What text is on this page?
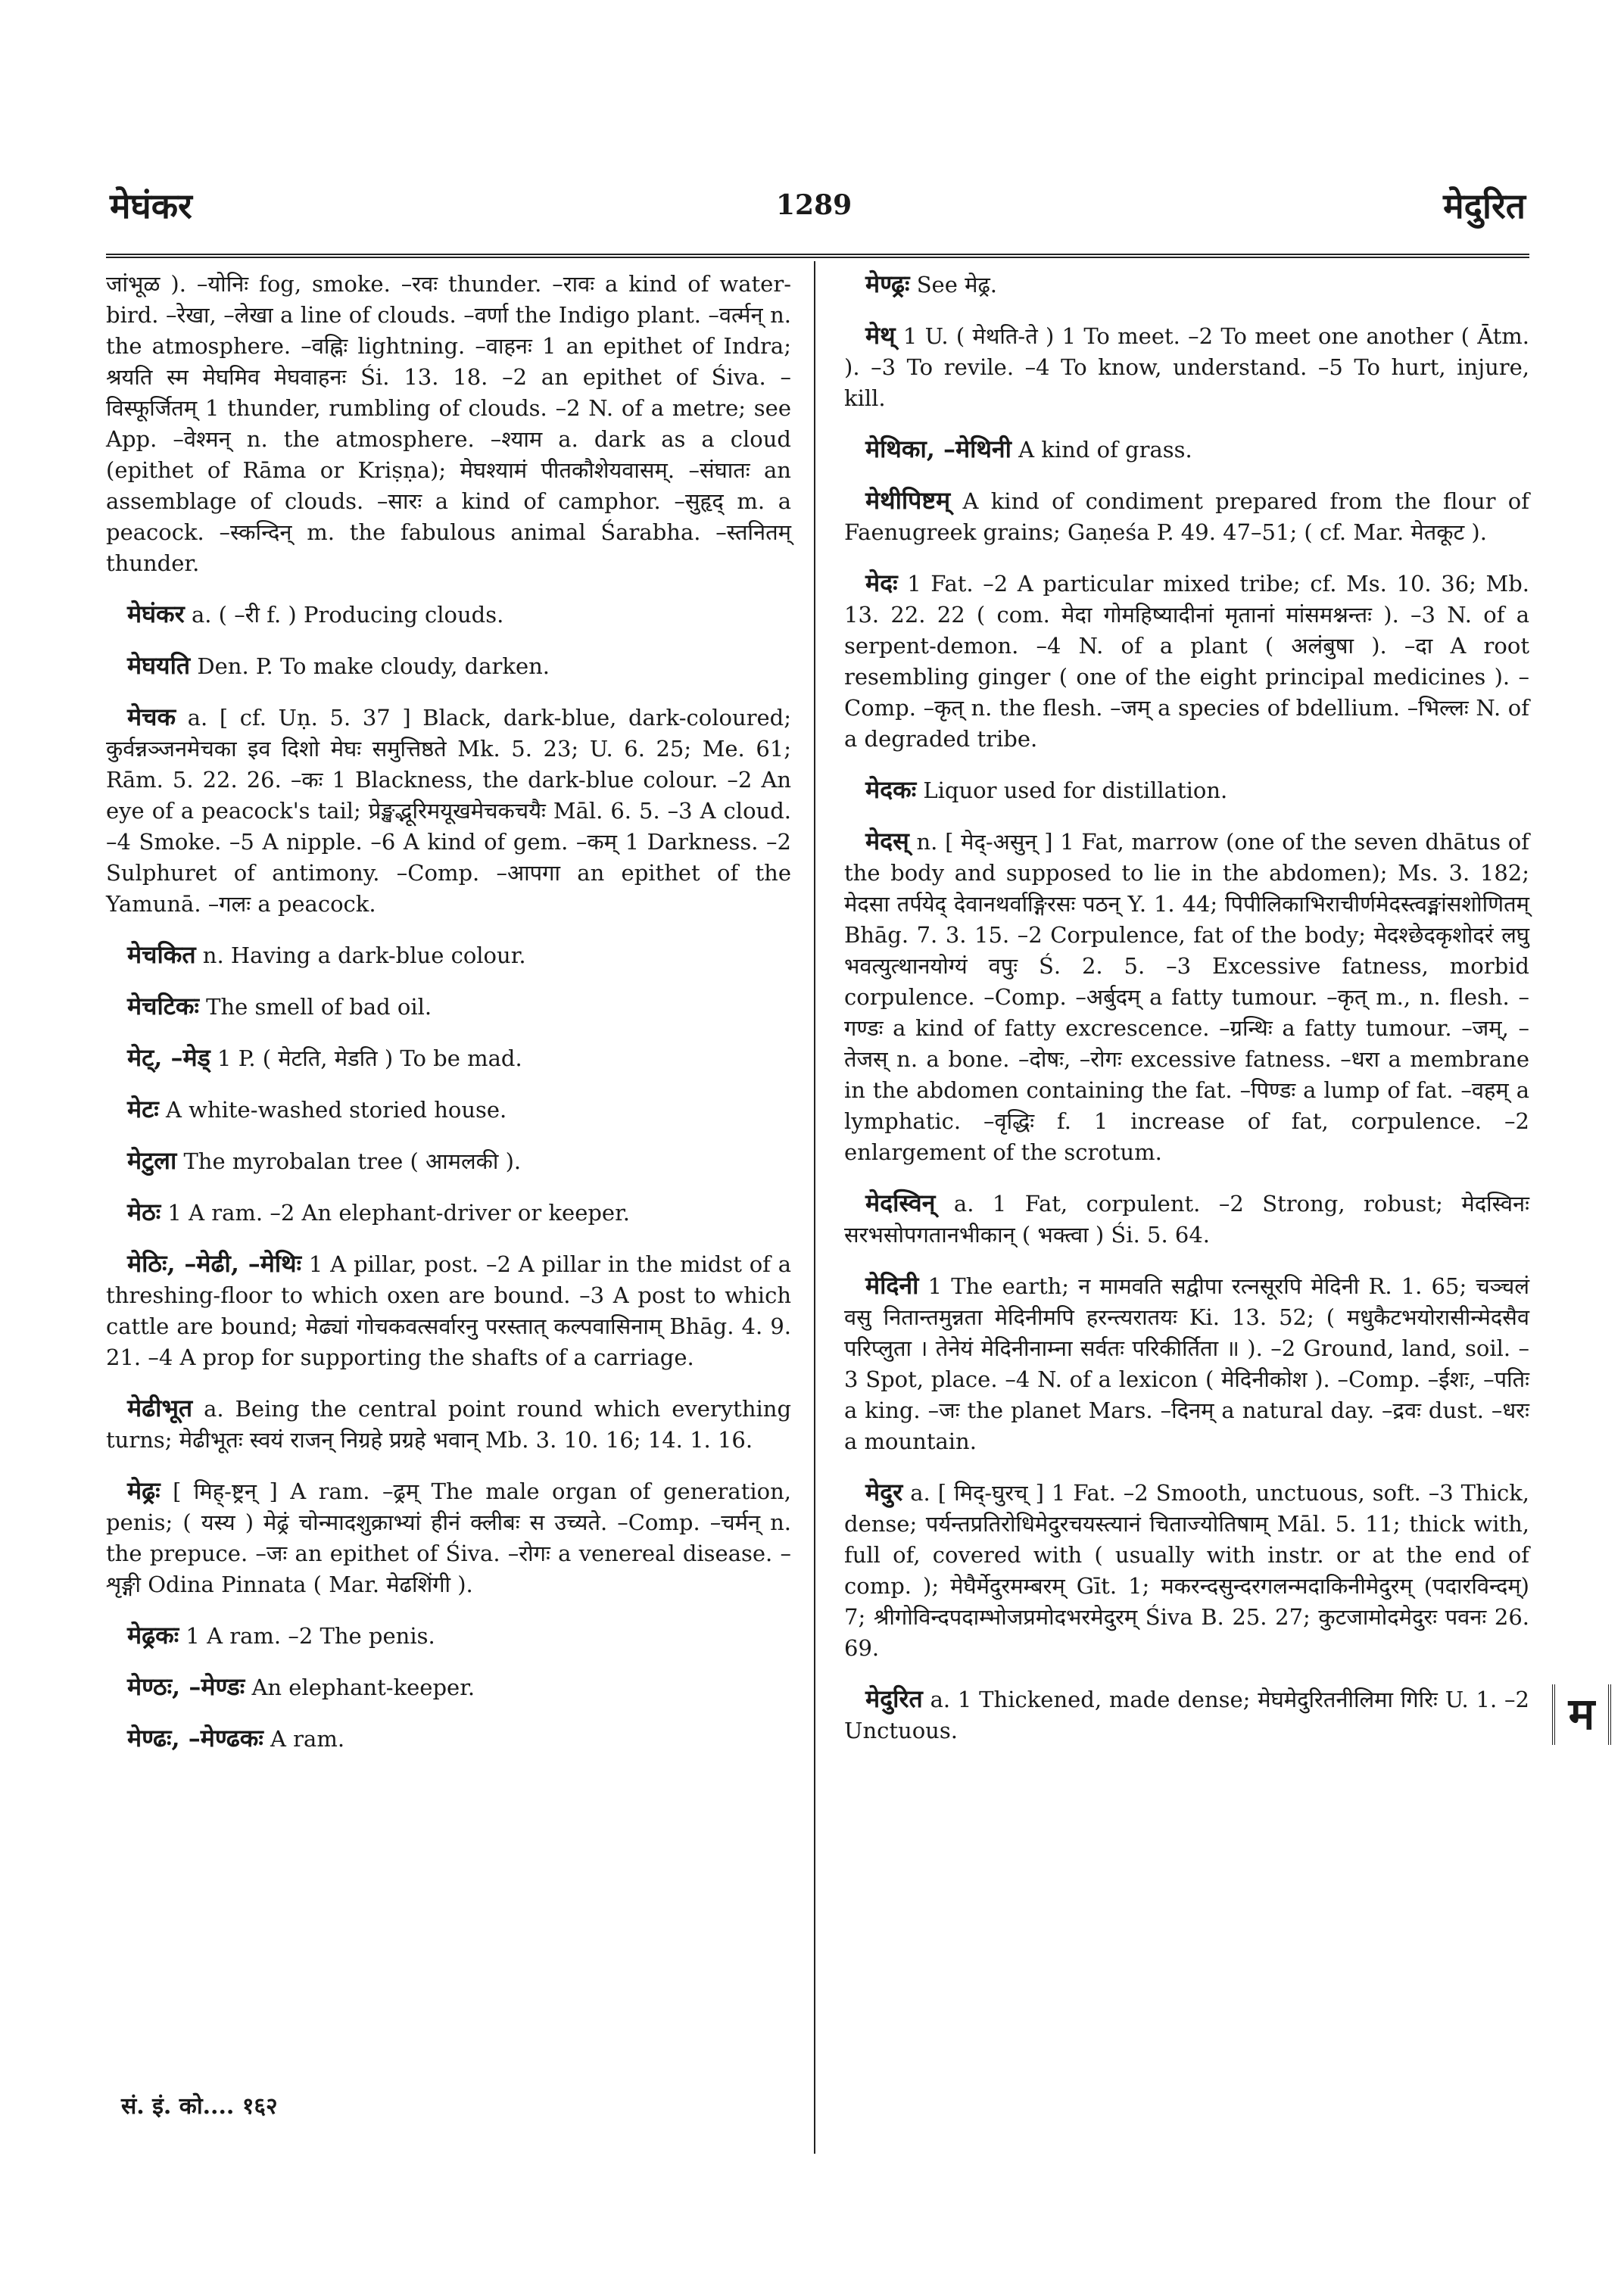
मेघंकर	1289	मेदुरित

जांभूळ ). –योनिः fog, smoke. –रवः thunder. –रावः a kind of water-bird. –रेखा, –लेखा a line of clouds. –वर्णा the Indigo plant. –वर्त्मन् n. the atmosphere. –वह्निः lightning. –वाहनः 1 an epithet of Indra; श्रयति स्म मेघमिव मेघवाहनः Śi. 13. 18. –2 an epithet of Śiva. –विस्फूर्जितम् 1 thunder, rumbling of clouds. –2 N. of a metre; see App. –वेश्मन् n. the atmosphere. –श्याम a. dark as a cloud (epithet of Rāma or Kriṣṇa); मेघश्यामं पीतकौशेयवासम्. –संघातः an assemblage of clouds. –सारः a kind of camphor. –सुहृद् m. a peacock. –स्कन्दिन् m. the fabulous animal Śarabha. –स्तनितम् thunder.

मेघंकर a. ( –री f. ) Producing clouds.

मेघयति Den. P. To make cloudy, darken.

मेचक a. [ cf. Uṇ. 5. 37 ] Black, dark-blue, dark-coloured; कुर्वन्नञ्जनमेचका इव दिशो मेघः समुत्तिष्ठते Mk. 5. 23; U. 6. 25; Me. 61; Rām. 5. 22. 26. –कः 1 Blackness, the dark-blue colour. –2 An eye of a peacock's tail; प्रेङ्खद्भूरिमयूखमेचकचयैः Māl. 6. 5. –3 A cloud. –4 Smoke. –5 A nipple. –6 A kind of gem. –कम् 1 Darkness. –2 Sulphuret of antimony. –Comp. –आपगा an epithet of the Yamunā. –गलः a peacock.

मेचकित n. Having a dark-blue colour.

मेचटिकः The smell of bad oil.

मेट्, –मेड् 1 P. ( मेटति, मेडति ) To be mad.

मेटः A white-washed storied house.

मेटुला The myrobalan tree ( आमलकी ).

मेठः 1 A ram. –2 An elephant-driver or keeper.

मेठिः, –मेढी, –मेथिः 1 A pillar, post. –2 A pillar in the midst of a threshing-floor to which oxen are bound. –3 A post to which cattle are bound; मेढ्यां गोचकवत्सर्वारनु परस्तात् कल्पवासिनाम् Bhāg. 4. 9. 21. –4 A prop for supporting the shafts of a carriage.

मेढीभूत a. Being the central point round which everything turns; मेढीभूतः स्वयं राजन् निग्रहे प्रग्रहे भवान् Mb. 3. 10. 16; 14. 1. 16.

मेढ्रः [ मिह्-ष्ट्रन् ] A ram. –ढ्रम् The male organ of generation, penis; ( यस्य ) मेढ्रं चोन्मादशुक्राभ्यां हीनं क्लीबः स उच्यते. –Comp. –चर्मन् n. the prepuce. –जः an epithet of Śiva. –रोगः a venereal disease. –शृङ्गी Odina Pinnata ( Mar. मेढशिंगी ).

मेढ्रकः 1 A ram. –2 The penis.

मेण्ठः, –मेण्डः An elephant-keeper.

मेण्ढः, –मेण्ढकः A ram.

मेण्ढ्रः See मेढ्र.

मेथ् 1 U. ( मेथति-ते ) 1 To meet. –2 To meet one another ( Ātm. ). –3 To revile. –4 To know, understand. –5 To hurt, injure, kill.

मेथिका, –मेथिनी A kind of grass.

मेथीपिष्टम् A kind of condiment prepared from the flour of Faenugreek grains; Gaṇeśa P. 49. 47–51; ( cf. Mar. मेतकूट ).

मेदः 1 Fat. –2 A particular mixed tribe; cf. Ms. 10. 36; Mb. 13. 22. 22 ( com. मेदा गोमहिष्यादीनां मृतानां मांसमश्नन्तः ). –3 N. of a serpent-demon. –4 N. of a plant ( अलंबुषा ). –दा A root resembling ginger ( one of the eight principal medicines ). –Comp. –कृत् n. the flesh. –जम् a species of bdellium. –भिल्लः N. of a degraded tribe.

मेदकः Liquor used for distillation.

मेदस् n. [ मेद्-असुन् ] 1 Fat, marrow (one of the seven dhātus of the body and supposed to lie in the abdomen); Ms. 3. 182; मेदसा तर्पयेद् देवानथर्वाङ्गिरसः पठन् Y. 1. 44; पिपीलिकाभिराचीर्णमेदस्त्वङ्मांसशोणितम् Bhāg. 7. 3. 15. –2 Corpulence, fat of the body; मेदश्छेदकृशोदरं लघु भवत्युत्थानयोग्यं वपुः Ś. 2. 5. –3 Excessive fatness, morbid corpulence. –Comp. –अर्बुदम् a fatty tumour. –कृत् m., n. flesh. –गण्डः a kind of fatty excrescence. –ग्रन्थिः a fatty tumour. –जम्, –तेजस् n. a bone. –दोषः, –रोगः excessive fatness. –धरा a membrane in the abdomen containing the fat. –पिण्डः a lump of fat. –वहम् a lymphatic. –वृद्धिः f. 1 increase of fat, corpulence. –2 enlargement of the scrotum.

मेदस्विन् a. 1 Fat, corpulent. –2 Strong, robust; मेदस्विनः सरभसोपगतानभीकान् ( भक्त्वा ) Śi. 5. 64.

मेदिनी 1 The earth; न मामवति सद्वीपा रत्नसूरपि मेदिनी R. 1. 65; चञ्चलं वसु नितान्तमुन्नता मेदिनीमपि हरन्त्यरातयः Ki. 13. 52; ( मधुकैटभयोरासीन्मेदसैव परिप्लुता । तेनेयं मेदिनीनाम्ना सर्वतः परिकीर्तिता ॥ ). –2 Ground, land, soil. –3 Spot, place. –4 N. of a lexicon ( मेदिनीकोश ). –Comp. –ईशः, –पतिः a king. –जः the planet Mars. –दिनम् a natural day. –द्रवः dust. –धरः a mountain.

मेदुर a. [ मिद्-घुरच् ] 1 Fat. –2 Smooth, unctuous, soft. –3 Thick, dense; पर्यन्तप्रतिरोधिमेदुरचयस्त्यानं चिताज्योतिषाम् Māl. 5. 11; thick with, full of, covered with ( usually with instr. or at the end of comp. ); मेघैर्मेदुरमम्बरम् Gīt. 1; मकरन्दसुन्दरगलन्मदाकिनीमेदुरम् (पदारविन्दम्) 7; श्रीगोविन्दपदाम्भोजप्रमोदभरमेदुरम् Śiva B. 25. 27; कुटजामोदमेदुरः पवनः 26. 69.

मेदुरित a. 1 Thickened, made dense; मेघमेदुरितनीलिमा गिरिः U. 1. –2 Unctuous.	म
सं. इं. को.... १६२
